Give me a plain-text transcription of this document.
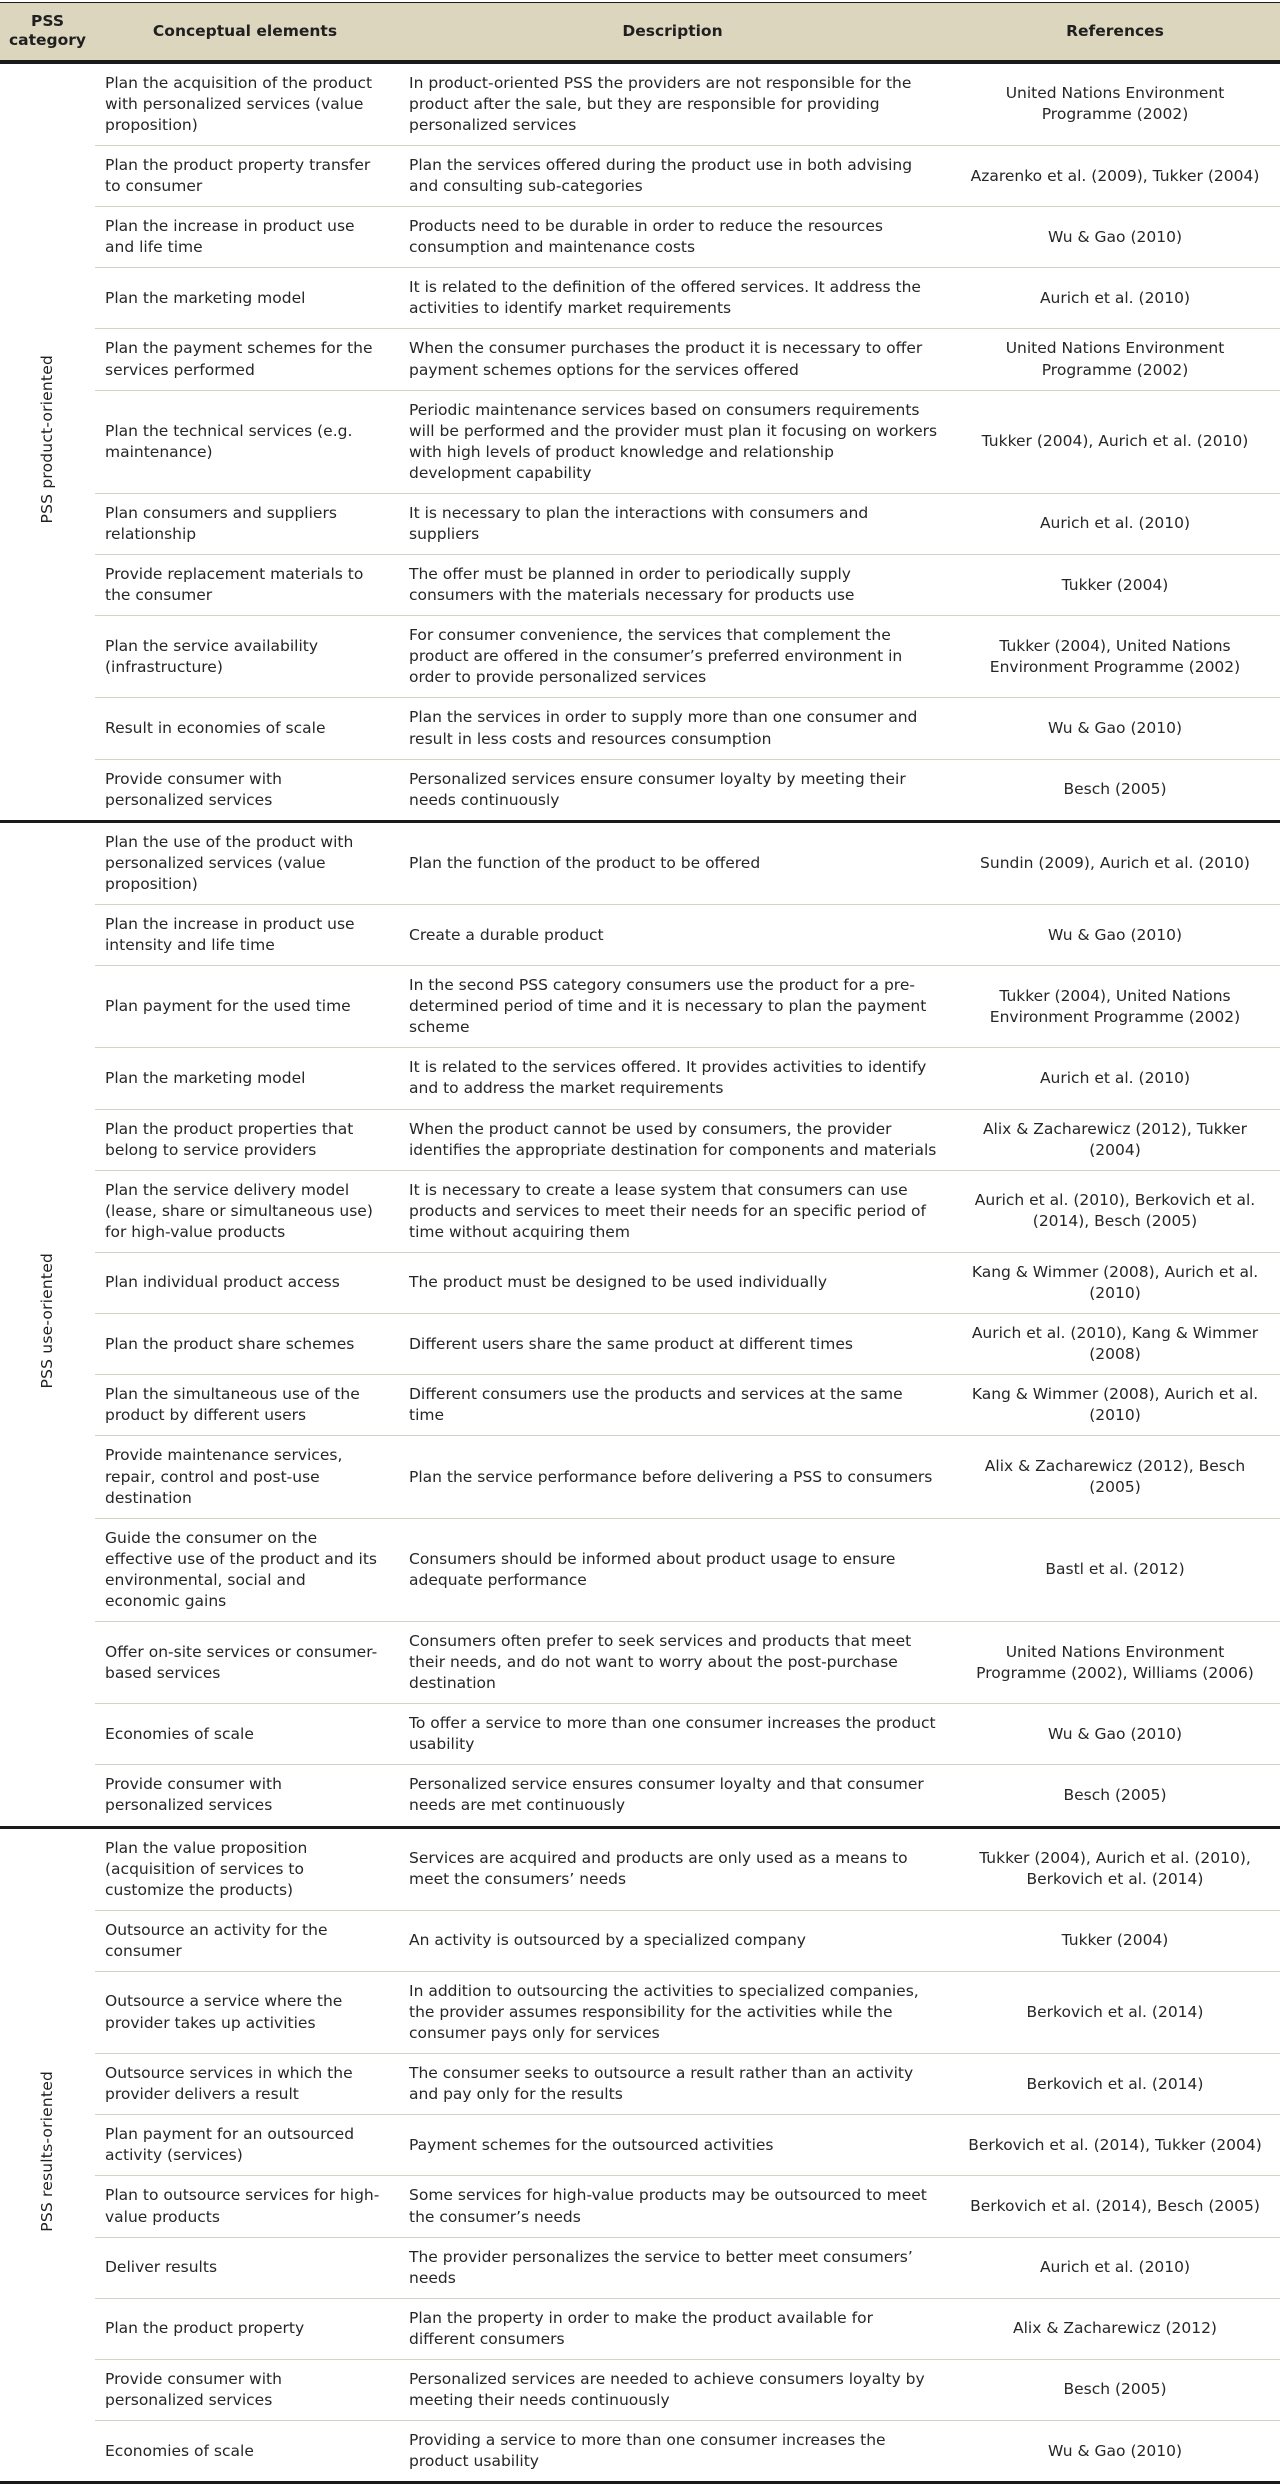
PSS category	Conceptual elements	Description	References
PSS product-oriented	Plan the acquisition of the product with personalized services (value proposition)	In product-oriented PSS the providers are not responsible for the product after the sale, but they are responsible for providing personalized services	United Nations Environment Programme (2002)
	Plan the product property transfer to consumer	Plan the services offered during the product use in both advising and consulting sub-categories	Azarenko et al. (2009), Tukker (2004)
	Plan the increase in product use and life time	Products need to be durable in order to reduce the resources consumption and maintenance costs	Wu & Gao (2010)
	Plan the marketing model	It is related to the definition of the offered services. It address the activities to identify market requirements	Aurich et al. (2010)
	Plan the payment schemes for the services performed	When the consumer purchases the product it is necessary to offer payment schemes options for the services offered	United Nations Environment Programme (2002)
	Plan the technical services (e.g. maintenance)	Periodic maintenance services based on consumers requirements will be performed and the provider must plan it focusing on workers with high levels of product knowledge and relationship development capability	Tukker (2004), Aurich et al. (2010)
	Plan consumers and suppliers relationship	It is necessary to plan the interactions with consumers and suppliers	Aurich et al. (2010)
	Provide replacement materials to the consumer	The offer must be planned in order to periodically supply consumers with the materials necessary for products use	Tukker (2004)
	Plan the service availability (infrastructure)	For consumer convenience, the services that complement the product are offered in the consumer’s preferred environment in order to provide personalized services	Tukker (2004), United Nations Environment Programme (2002)
	Result in economies of scale	Plan the services in order to supply more than one consumer and result in less costs and resources consumption	Wu & Gao (2010)
	Provide consumer with personalized services	Personalized services ensure consumer loyalty by meeting their needs continuously	Besch (2005)
PSS use-oriented	Plan the use of the product with personalized services (value proposition)	Plan the function of the product to be offered	Sundin (2009), Aurich et al. (2010)
	Plan the increase in product use intensity and life time	Create a durable product	Wu & Gao (2010)
	Plan payment for the used time	In the second PSS category consumers use the product for a pre-determined period of time and it is necessary to plan the payment scheme	Tukker (2004), United Nations Environment Programme (2002)
	Plan the marketing model	It is related to the services offered. It provides activities to identify and to address the market requirements	Aurich et al. (2010)
	Plan the product properties that belong to service providers	When the product cannot be used by consumers, the provider identifies the appropriate destination for components and materials	Alix & Zacharewicz (2012), Tukker (2004)
	Plan the service delivery model (lease, share or simultaneous use) for high-value products	It is necessary to create a lease system that consumers can use products and services to meet their needs for an specific period of time without acquiring them	Aurich et al. (2010), Berkovich et al. (2014), Besch (2005)
	Plan individual product access	The product must be designed to be used individually	Kang & Wimmer (2008), Aurich et al. (2010)
	Plan the product share schemes	Different users share the same product at different times	Aurich et al. (2010), Kang & Wimmer (2008)
	Plan the simultaneous use of the product by different users	Different consumers use the products and services at the same time	Kang & Wimmer (2008), Aurich et al. (2010)
	Provide maintenance services, repair, control and post-use destination	Plan the service performance before delivering a PSS to consumers	Alix & Zacharewicz (2012), Besch (2005)
	Guide the consumer on the effective use of the product and its environmental, social and economic gains	Consumers should be informed about product usage to ensure adequate performance	Bastl et al. (2012)
	Offer on-site services or consumer-based services	Consumers often prefer to seek services and products that meet their needs, and do not want to worry about the post-purchase destination	United Nations Environment Programme (2002), Williams (2006)
	Economies of scale	To offer a service to more than one consumer increases the product usability	Wu & Gao (2010)
	Provide consumer with personalized services	Personalized service ensures consumer loyalty and that consumer needs are met continuously	Besch (2005)
PSS results-oriented	Plan the value proposition (acquisition of services to customize the products)	Services are acquired and products are only used as a means to meet the consumers’ needs	Tukker (2004), Aurich et al. (2010), Berkovich et al. (2014)
	Outsource an activity for the consumer	An activity is outsourced by a specialized company	Tukker (2004)
	Outsource a service where the provider takes up activities	In addition to outsourcing the activities to specialized companies, the provider assumes responsibility for the activities while the consumer pays only for services	Berkovich et al. (2014)
	Outsource services in which the provider delivers a result	The consumer seeks to outsource a result rather than an activity and pay only for the results	Berkovich et al. (2014)
	Plan payment for an outsourced activity (services)	Payment schemes for the outsourced activities	Berkovich et al. (2014), Tukker (2004)
	Plan to outsource services for high-value products	Some services for high-value products may be outsourced to meet the consumer’s needs	Berkovich et al. (2014), Besch (2005)
	Deliver results	The provider personalizes the service to better meet consumers’ needs	Aurich et al. (2010)
	Plan the product property	Plan the property in order to make the product available for different consumers	Alix & Zacharewicz (2012)
	Provide consumer with personalized services	Personalized services are needed to achieve consumers loyalty by meeting their needs continuously	Besch (2005)
	Economies of scale	Providing a service to more than one consumer increases the product usability	Wu & Gao (2010)
